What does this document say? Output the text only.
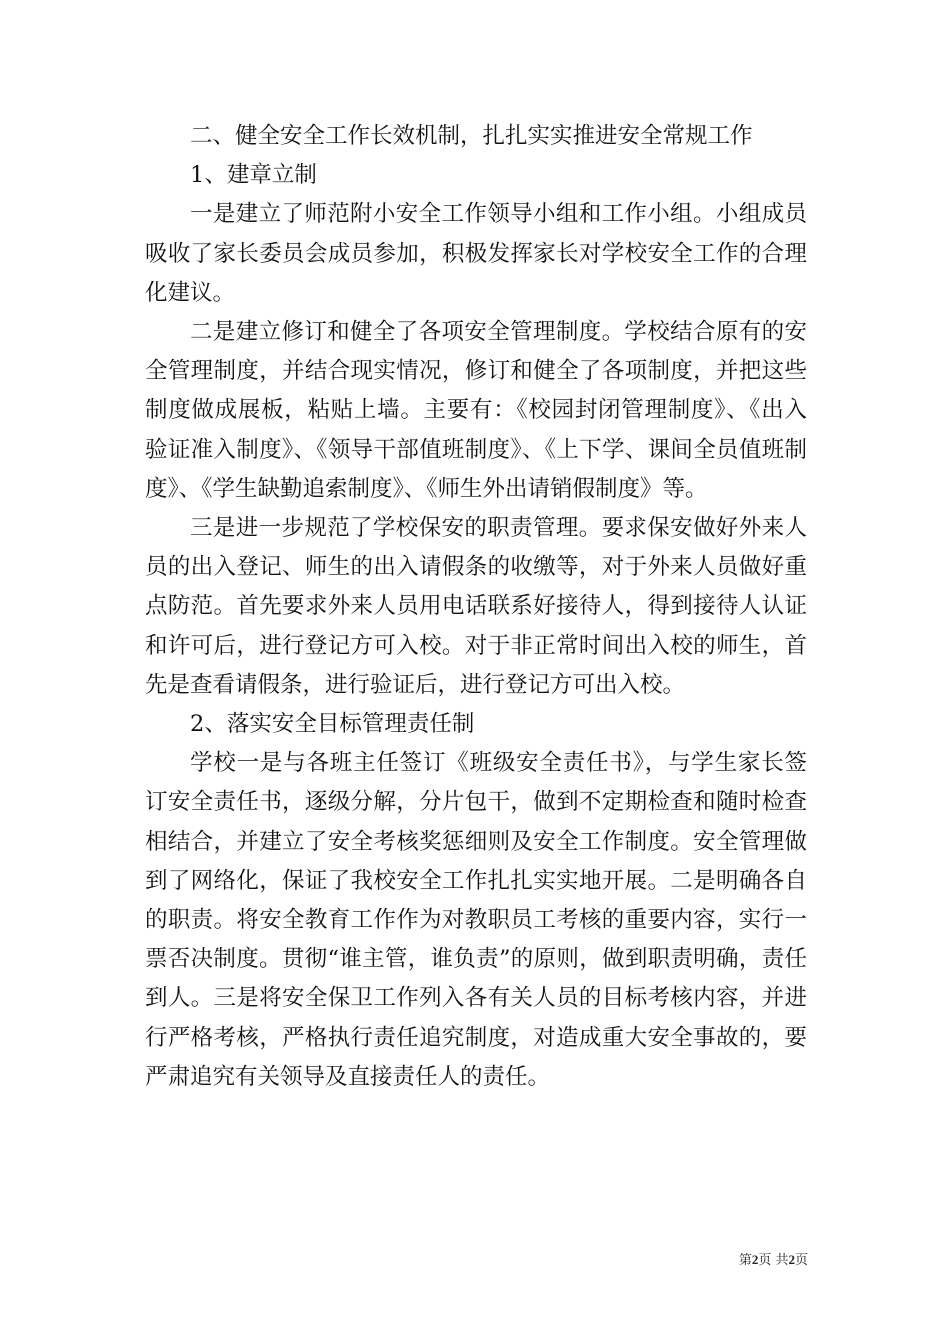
二、健全安全工作长效机制，扎扎实实推进安全常规工作

1、建章立制

一是建立了师范附小安全工作领导小组和工作小组。小组成员吸收了家长委员会成员参加，积极发挥家长对学校安全工作的合理化建议。

二是建立修订和健全了各项安全管理制度。学校结合原有的安全管理制度，并结合现实情况，修订和健全了各项制度，并把这些制度做成展板，粘贴上墙。主要有：《校园封闭管理制度》、《出入验证准入制度》、《领导干部值班制度》、《上下学、课间全员值班制度》、《学生缺勤追索制度》、《师生外出请销假制度》等。

三是进一步规范了学校保安的职责管理。要求保安做好外来人员的出入登记、师生的出入请假条的收缴等，对于外来人员做好重点防范。首先要求外来人员用电话联系好接待人，得到接待人认证和许可后，进行登记方可入校。对于非正常时间出入校的师生，首先是查看请假条，进行验证后，进行登记方可出入校。

2、落实安全目标管理责任制

学校一是与各班主任签订《班级安全责任书》，与学生家长签订安全责任书，逐级分解，分片包干，做到不定期检查和随时检查相结合，并建立了安全考核奖惩细则及安全工作制度。安全管理做到了网络化，保证了我校安全工作扎扎实实地开展。二是明确各自的职责。将安全教育工作作为对教职员工考核的重要内容，实行一票否决制度。贯彻“谁主管，谁负责”的原则，做到职责明确，责任到人。三是将安全保卫工作列入各有关人员的目标考核内容，并进行严格考核，严格执行责任追究制度，对造成重大安全事故的，要严肃追究有关领导及直接责任人的责任。

第2页 共2页
